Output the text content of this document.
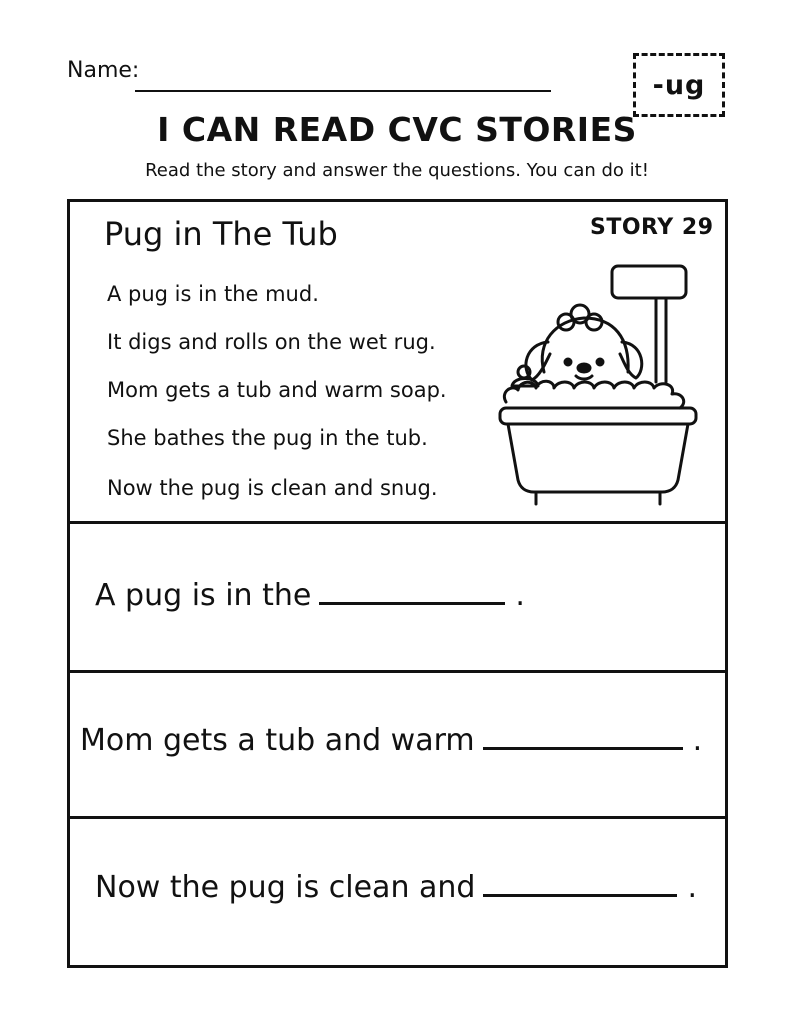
Name:	-ug
I CAN READ CVC STORIES
Read the story and answer the questions. You can do it!
Pug in The Tub	STORY 29
A pug is in the mud.
It digs and rolls on the wet rug.
Mom gets a tub and warm soap.
She bathes the pug in the tub.
Now the pug is clean and snug.
A pug is in the	.
Mom gets a tub and warm	.
Now the pug is clean and	.
